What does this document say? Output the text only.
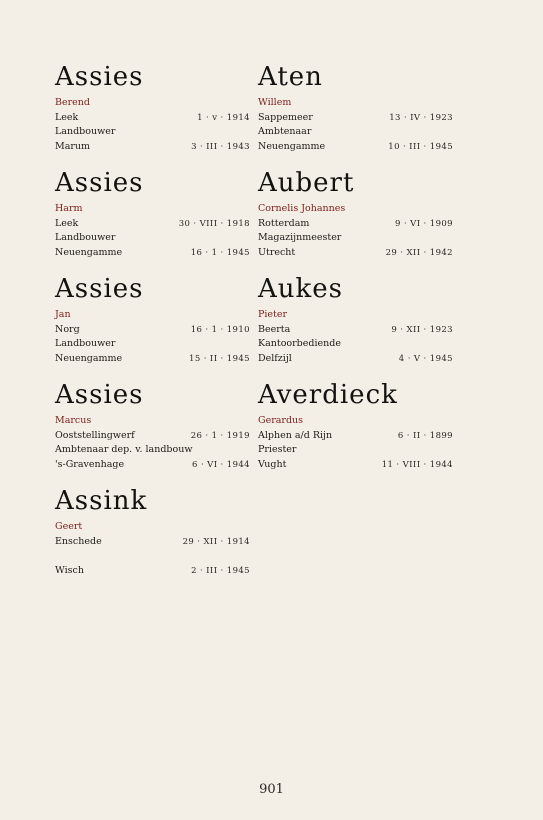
Assies
Berend
Leek	1 · v · 1914
Landbouwer
Marum	3 · III · 1943
Assies
Harm
Leek	30 · VIII · 1918
Landbouwer
Neuengamme	16 · 1 · 1945
Assies
Jan
Norg	16 · 1 · 1910
Landbouwer
Neuengamme	15 · II · 1945
Assies
Marcus
Ooststellingwerf	26 · 1 · 1919
Ambtenaar dep. v. landbouw
's-Gravenhage	6 · VI · 1944
Assink
Geert
Enschede	29 · XII · 1914
Wisch	2 · III · 1945
Aten
Willem
Sappemeer	13 · IV · 1923
Ambtenaar
Neuengamme	10 · III · 1945
Aubert
Cornelis Johannes
Rotterdam	9 · VI · 1909
Magazijnmeester
Utrecht	29 · XII · 1942
Aukes
Pieter
Beerta	9 · XII · 1923
Kantoorbediende
Delfzijl	4 · V · 1945
Averdieck
Gerardus
Alphen a/d Rijn	6 · II · 1899
Priester
Vught	11 · VIII · 1944
901
